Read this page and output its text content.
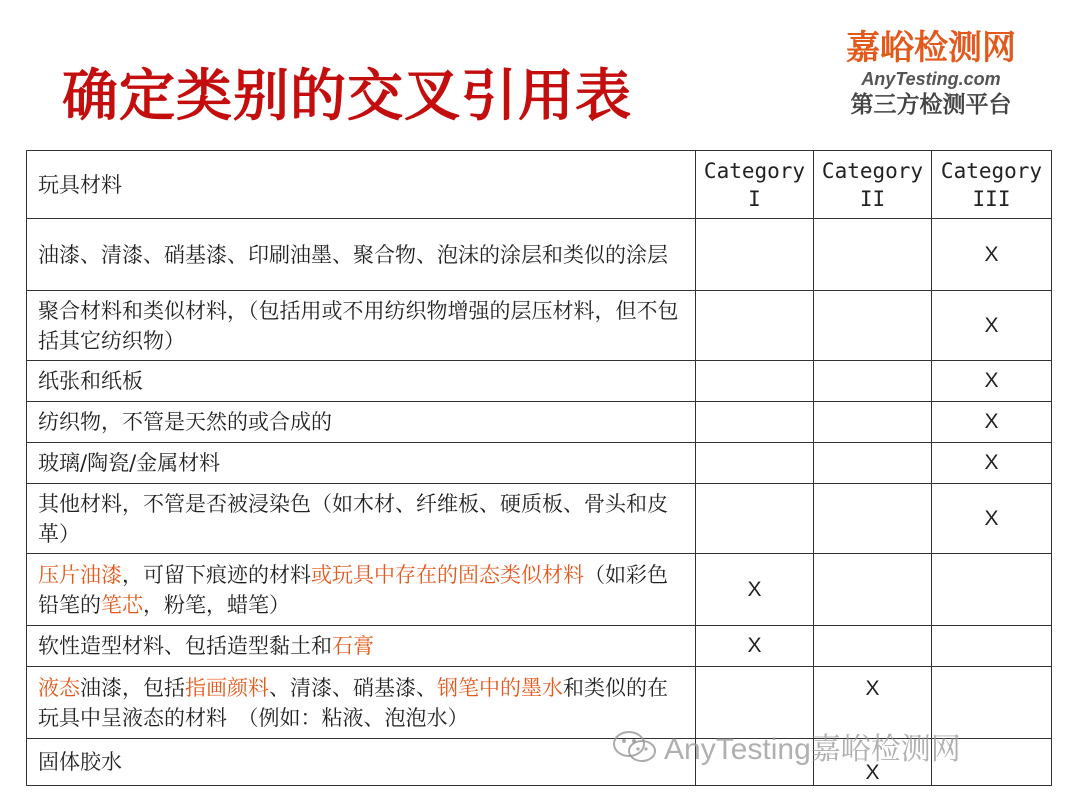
确定类别的交叉引用表
嘉峪检测网
AnyTesting.com
第三方检测平台
玩具材料	Category I	Category II	Category III
油漆、清漆、硝基漆、印刷油墨、聚合物、泡沫的涂层和类似的涂层			X
聚合材料和类似材料，（包括用或不用纺织物增强的层压材料，但不包括其它纺织物）			X
纸张和纸板			X
纺织物，不管是天然的或合成的			X
玻璃/陶瓷/金属材料			X
其他材料，不管是否被浸染色（如木材、纤维板、硬质板、骨头和皮革）			X
压片油漆，可留下痕迹的材料或玩具中存在的固态类似材料（如彩色铅笔的笔芯，粉笔，蜡笔）	X		
软性造型材料、包括造型黏土和石膏	X		
液态油漆，包括指画颜料、清漆、硝基漆、钢笔中的墨水和类似的在玩具中呈液态的材料　（例如：粘液、泡泡水）		X	

固体胶水		X	

AnyTesting嘉峪检测网
